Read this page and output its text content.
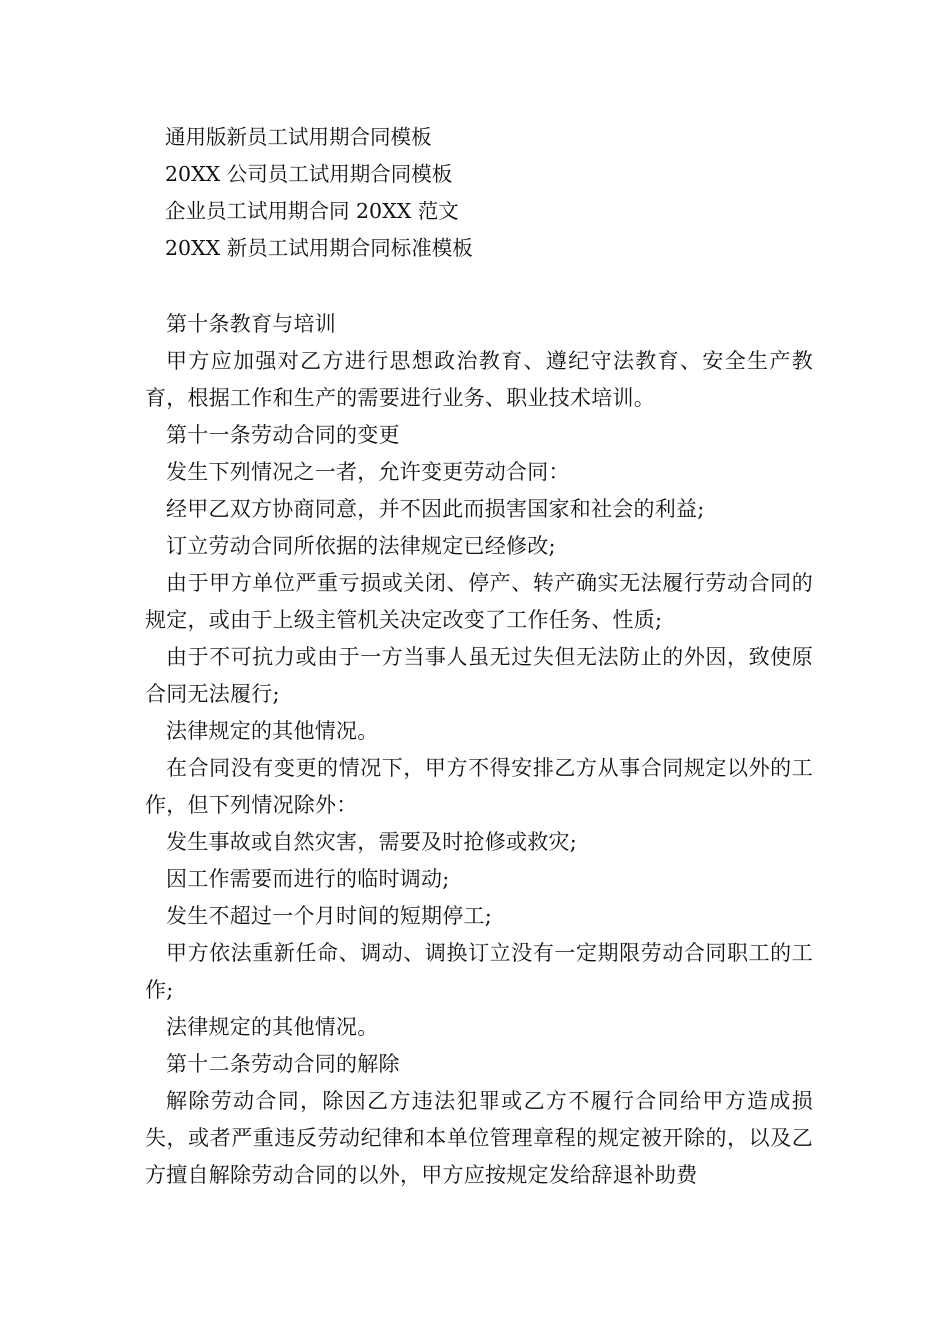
通用版新员工试用期合同模板
20XX 公司员工试用期合同模板
企业员工试用期合同 20XX 范文
20XX 新员工试用期合同标准模板

第十条教育与培训

甲方应加强对乙方进行思想政治教育、遵纪守法教育、安全生产教育，根据工作和生产的需要进行业务、职业技术培训。

第十一条劳动合同的变更

发生下列情况之一者，允许变更劳动合同：

经甲乙双方协商同意，并不因此而损害国家和社会的利益;

订立劳动合同所依据的法律规定已经修改;

由于甲方单位严重亏损或关闭、停产、转产确实无法履行劳动合同的规定，或由于上级主管机关决定改变了工作任务、性质;

由于不可抗力或由于一方当事人虽无过失但无法防止的外因，致使原合同无法履行;

法律规定的其他情况。

在合同没有变更的情况下，甲方不得安排乙方从事合同规定以外的工作，但下列情况除外：

发生事故或自然灾害，需要及时抢修或救灾;

因工作需要而进行的临时调动;

发生不超过一个月时间的短期停工;

甲方依法重新任命、调动、调换订立没有一定期限劳动合同职工的工作;

法律规定的其他情况。

第十二条劳动合同的解除

解除劳动合同，除因乙方违法犯罪或乙方不履行合同给甲方造成损失，或者严重违反劳动纪律和本单位管理章程的规定被开除的，以及乙方擅自解除劳动合同的以外，甲方应按规定发给辞退补助费
